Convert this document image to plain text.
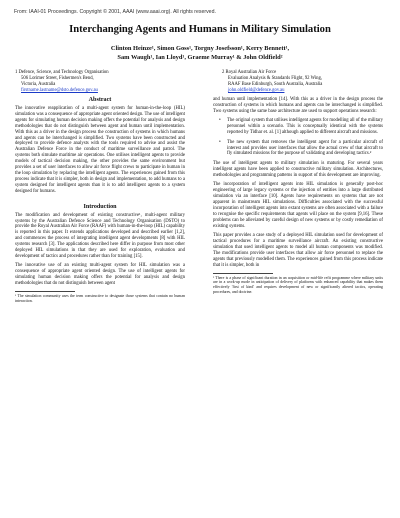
From: IAAI-01 Proceedings. Copyright © 2001, AAAI (www.aaai.org). All rights reserved.
Interchanging Agents and Humans in Military Simulation
Clinton Heinze¹, Simon Goss¹, Torgny Josefsson¹, Kerry Bennett¹,
Sam Waugh¹, Ian Lloyd¹, Graeme Murray¹ & John Oldfield²
1 Defence, Science, and Technology Organisation
506 Lorimer Street, Fishermen's Bend,
Victoria, Australia
firstname.lastname@dsto.defence.gov.au
2 Royal Australian Air Force
Evaluation Analysis & Standards Flight, 92 Wing,
RAAF Base Edinburgh, South Australia, Australia
john.oldfield@defence.gov.au
Abstract
The innovative reapplication of a multi-agent system for human-in-the-loop (HIL) simulation was a consequence of appropriate agent oriented design. The use of intelligent agents for simulating human decision making offers the potential for analysis and design methodologies that do not distinguish between agent and human until implementation. With this as a driver in the design process the construction of systems in which humans and agents can be interchanged is simplified. Two systems have been constructed and deployed to provide defence analysts with the tools required to advise and assist the Australian Defence Force in the conduct of maritime surveillance and patrol. The systems both simulate maritime air operations. One utilises intelligent agents to provide models of tactical decision making, the other provides the same environment but provides a set of user interfaces to allow air force flight crews to participate in human in the loop simulation by replacing the intelligent agents. The experiences gained from this process indicate that it is simpler, both in design and implementation, to add humans to a system designed for intelligent agents than it is to add intelligent agents to a system designed for humans.
Introduction

The modification and development of existing constructive¹, multi-agent military systems by the Australian Defence Science and Technology Organisation (DSTO) to provide the Royal Australian Air Force (RAAF) with human-in-the-loop (HIL) capability is reported in this paper. It extends applications developed and described earlier [1,2], and commences the process of integrating intelligent agent developments [8] with HIL systems research [3]. The applications described here differ in purpose from most other deployed HIL simulations in that they are used for exploration, evaluation and development of tactics and procedures rather than for training [15].

The innovative use of an existing multi-agent system for HIL simulation was a consequence of appropriate agent oriented design. The use of intelligent agents for simulating human decision making offers the potential for analysis and design methodologies that do not distinguish between agent

¹ The simulation community uses the term constructive to designate those systems that contain no human interaction.

and human until implementation [14]. With this as a driver in the design process the construction of systems in which humans and agents can be interchanged is simplified. Two systems using the same base architecture are used to support operations research:

• The original system that utilises intelligent agents for modelling all of the military personnel within a scenario. This is conceptually identical with the systems reported by Tidhar et. al. [1] although applied to different aircraft and missions.
• The new system that removes the intelligent agent for a particular aircraft of interest and provides user interfaces that allow the actual crew of that aircraft to fly simulated missions for the purpose of validating and developing tactics.²

The use of intelligent agents to military simulation is maturing. For several years intelligent agents have been applied to constructive military simulation. Architectures, methodologies and programming patterns in support of this development are improving.

The incorporation of intelligent agents into HIL simulation is generally post-hoc engineering of large legacy systems or the injection of entities into a large distributed simulation via an interface [10]. Agents have requirements on systems that are not apparent in mainstream HIL simulations. Difficulties associated with the successful incorporation of intelligent agents into extant systems are often associated with a failure to recognise the specific requirements that agents will place on the system [9,16]. These problems can be alleviated by careful design of new systems or by costly remediation of existing systems.

This paper provides a case study of a deployed HIL simulation used for development of tactical procedures for a maritime surveillance aircraft. An existing constructive simulation that used intelligent agents to model all human components was modified. The modifications provide user interfaces that allow air force personnel to replace the agents that previously modelled them. The experiences gained from this process indicate that it is simpler, both in

² There is a phase of significant duration in an acquisition or mid-life refit programme where military units are in a work-up mode in anticipation of delivery of platforms with enhanced capability that makes them effectively 'first of kind' and requires development of new or significantly altered tactics, operating procedures, and doctrine.
